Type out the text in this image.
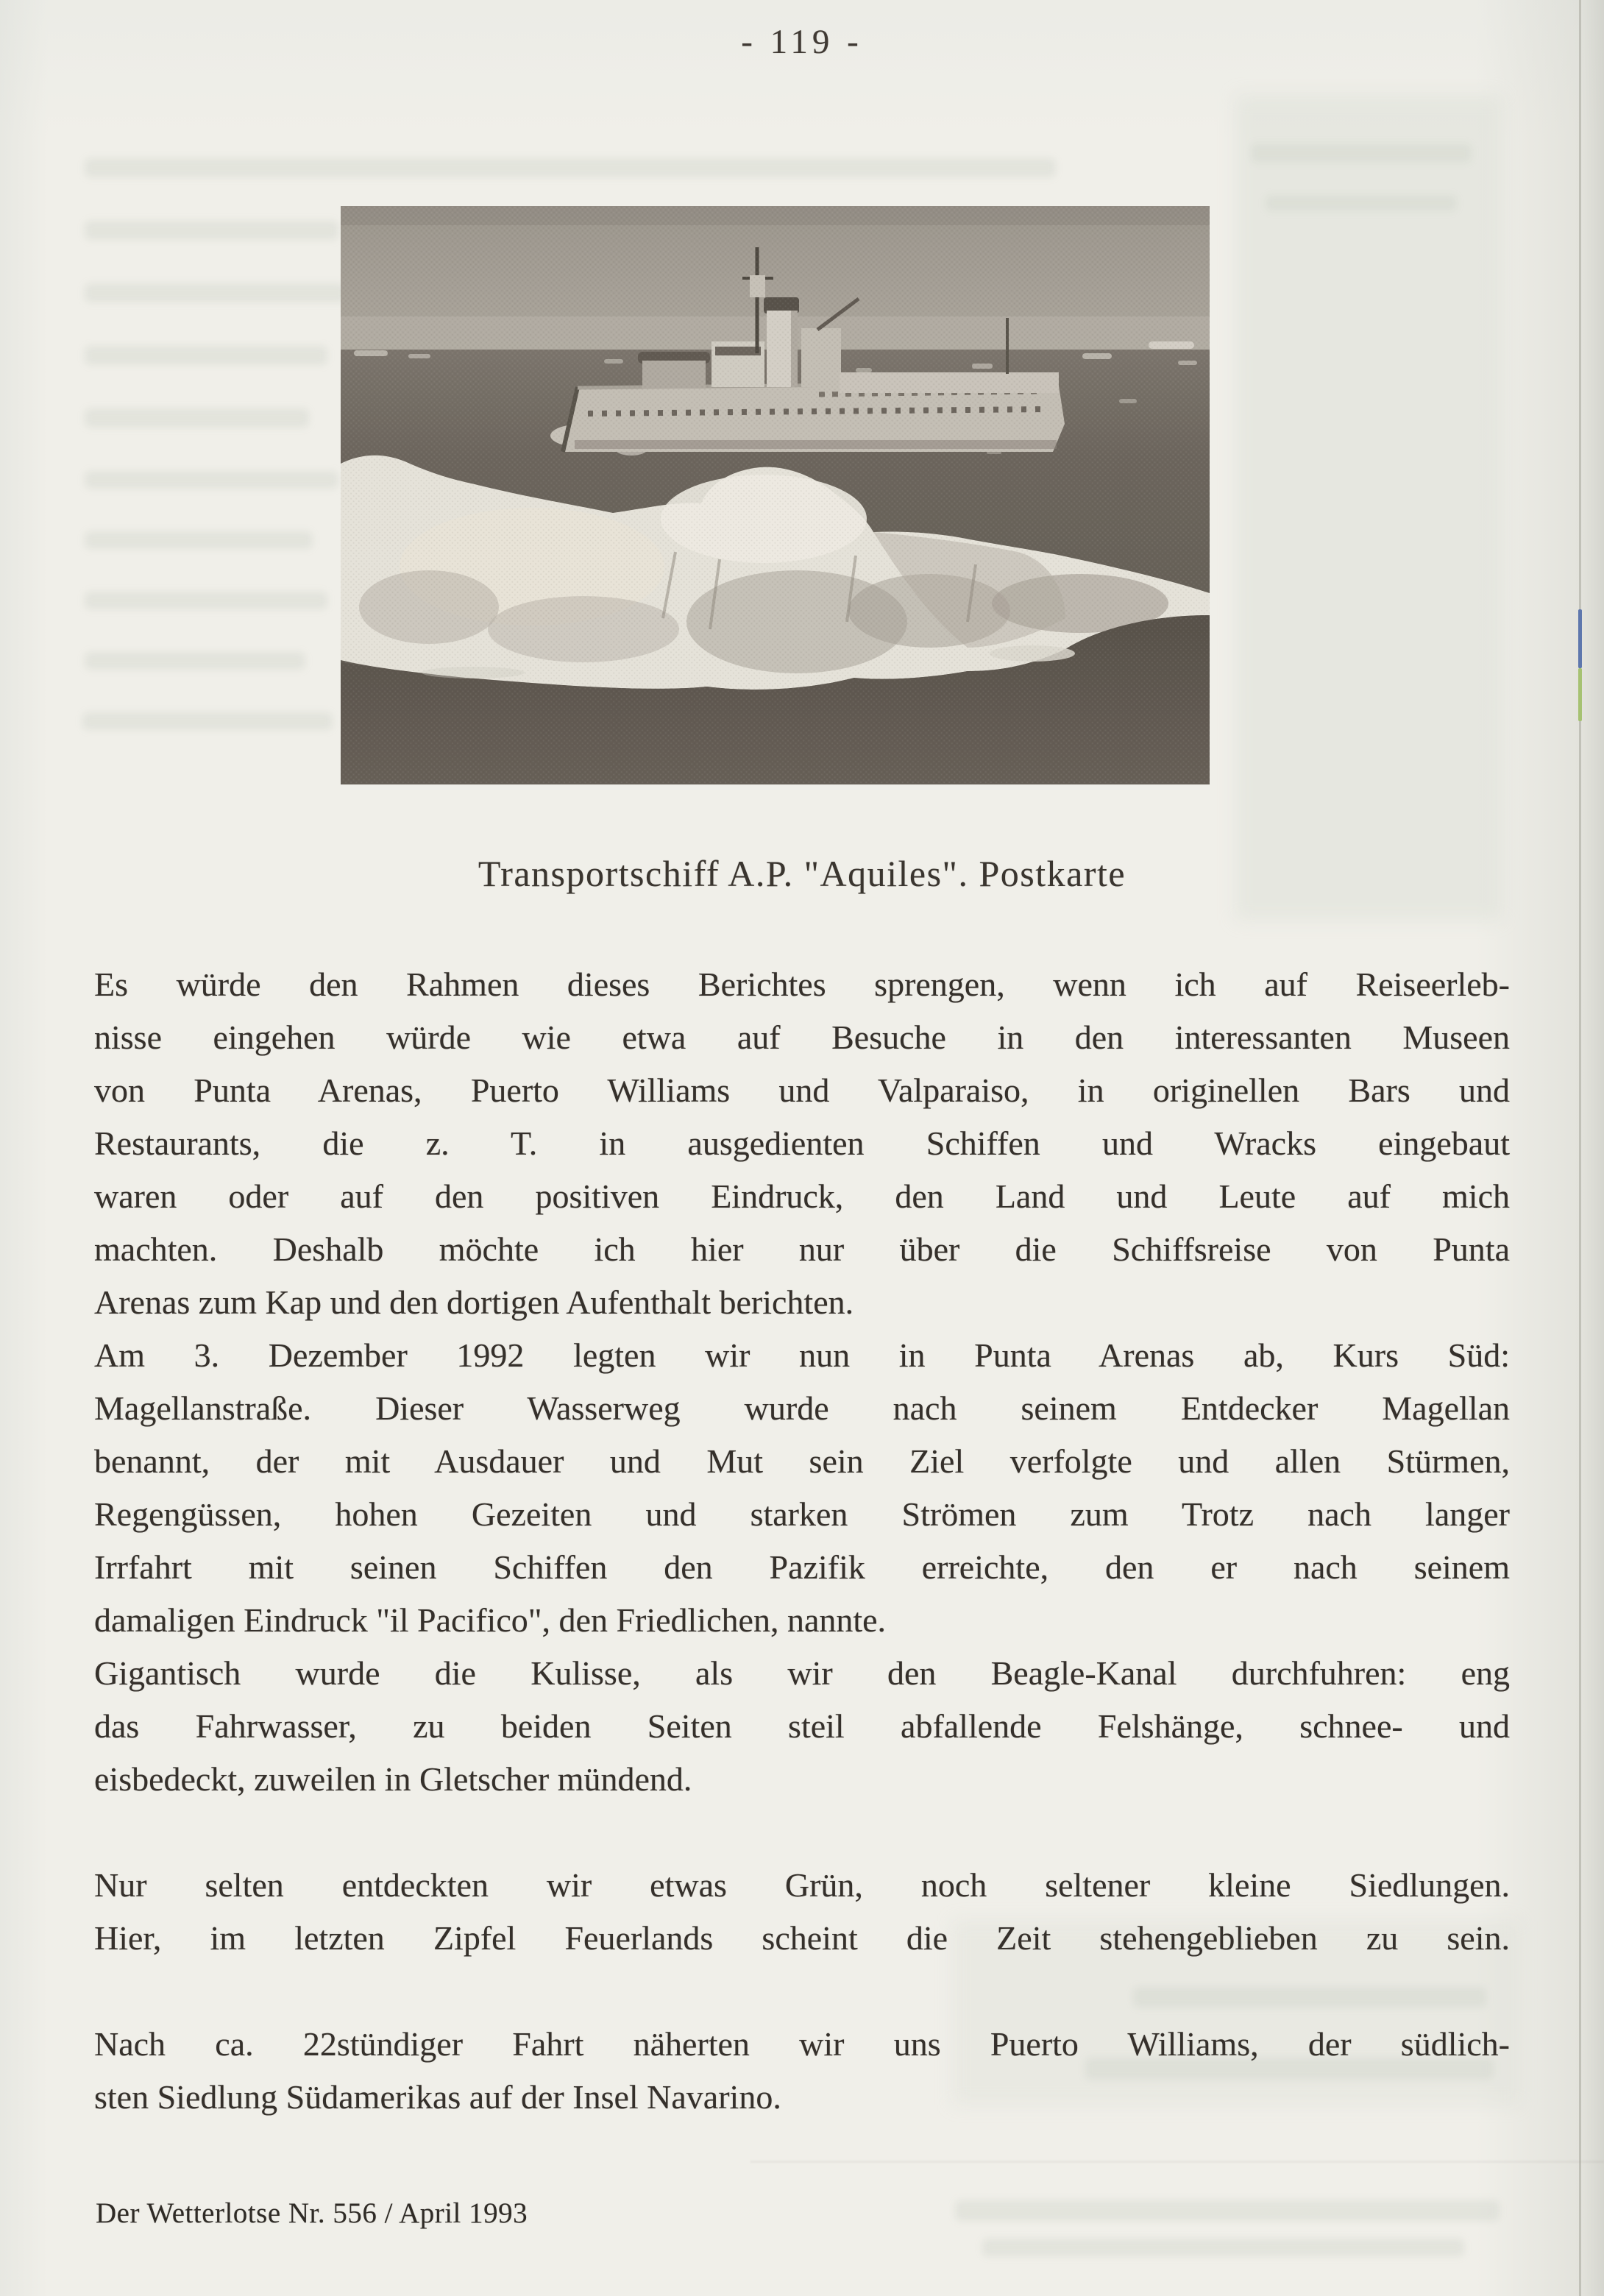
- 119 -
Transportschiff A.P. "Aquiles". Postkarte
Es würde den Rahmen dieses Berichtes sprengen, wenn ich auf Reiseerleb-
nisse eingehen würde wie etwa auf Besuche in den interessanten Museen
von Punta Arenas, Puerto Williams und Valparaiso, in originellen Bars und
Restaurants, die z. T. in ausgedienten Schiffen und Wracks eingebaut
waren oder auf den positiven Eindruck, den Land und Leute auf mich
machten. Deshalb möchte ich hier nur über die Schiffsreise von Punta
Arenas zum Kap und den dortigen Aufenthalt berichten.
Am 3. Dezember 1992 legten wir nun in Punta Arenas ab, Kurs Süd:
Magellanstraße. Dieser Wasserweg wurde nach seinem Entdecker Magellan
benannt, der mit Ausdauer und Mut sein Ziel verfolgte und allen Stürmen,
Regengüssen, hohen Gezeiten und starken Strömen zum Trotz nach langer
Irrfahrt mit seinen Schiffen den Pazifik erreichte, den er nach seinem
damaligen Eindruck "il Pacifico", den Friedlichen, nannte.
Gigantisch wurde die Kulisse, als wir den Beagle-Kanal durchfuhren: eng
das Fahrwasser, zu beiden Seiten steil abfallende Felshänge, schnee- und
eisbedeckt, zuweilen in Gletscher mündend.
Nur selten entdeckten wir etwas Grün, noch seltener kleine Siedlungen.
Hier, im letzten Zipfel Feuerlands scheint die Zeit stehengeblieben zu sein.
Nach ca. 22stündiger Fahrt näherten wir uns Puerto Williams, der südlich-
sten Siedlung Südamerikas auf der Insel Navarino.
Der Wetterlotse Nr. 556 / April 1993
